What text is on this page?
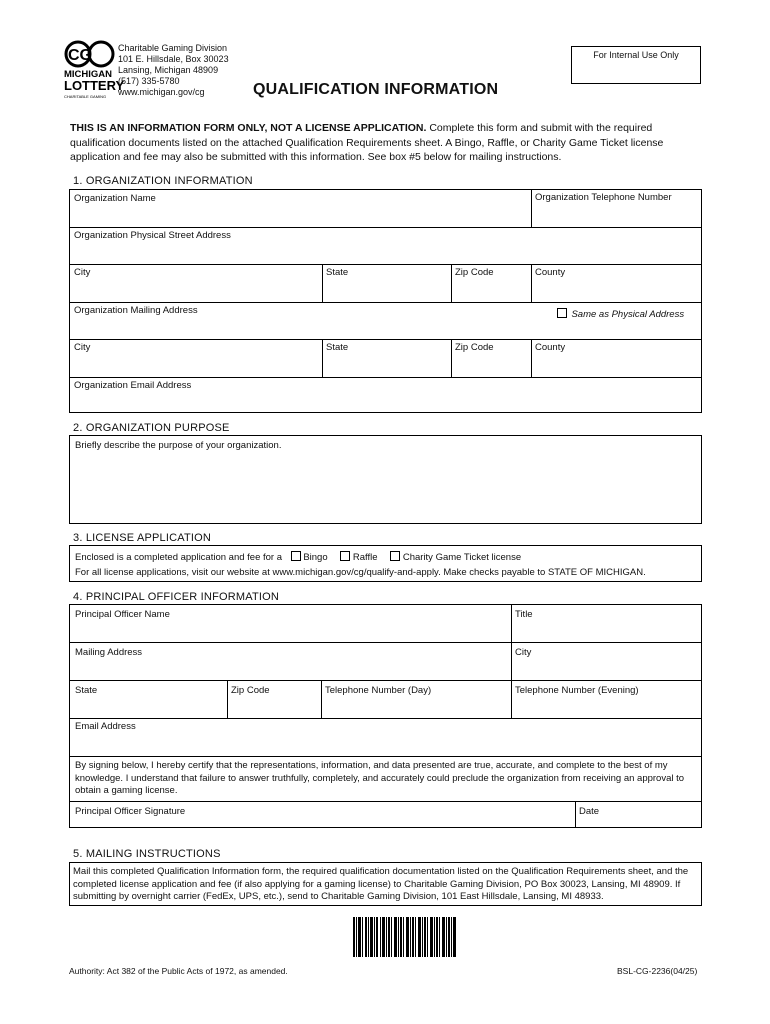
CG
MICHIGAN
LOTTERY
CHARITABLE GAMING
Charitable Gaming Division
101 E. Hillsdale, Box 30023
Lansing, Michigan 48909
(517) 335-5780
www.michigan.gov/cg
For Internal Use Only
QUALIFICATION INFORMATION
THIS IS AN INFORMATION FORM ONLY, NOT A LICENSE APPLICATION. Complete this form and submit with the required qualification documents listed on the attached Qualification Requirements sheet. A Bingo, Raffle, or Charity Game Ticket license application and fee may also be submitted with this information. See box #5 below for mailing instructions.
1. ORGANIZATION INFORMATION
Organization Name	Organization Telephone Number
Organization Physical Street Address
City	State	Zip Code	County
Organization Mailing Address	Same as Physical Address
City	State	Zip Code	County
Organization Email Address
2. ORGANIZATION PURPOSE
Briefly describe the purpose of your organization.
3. LICENSE APPLICATION
Enclosed is a completed application and fee for a Bingo	Raffle	Charity Game Ticket license
For all license applications, visit our website at www.michigan.gov/cg/qualify-and-apply. Make checks payable to STATE OF MICHIGAN.
4. PRINCIPAL OFFICER INFORMATION
Principal Officer Name	Title
Mailing Address	City
State	Zip Code	Telephone Number (Day)	Telephone Number (Evening)
Email Address
By signing below, I hereby certify that the representations, information, and data presented are true, accurate, and complete to the best of my knowledge. I understand that failure to answer truthfully, completely, and accurately could preclude the organization from receiving an approval to obtain a gaming license.
Principal Officer Signature	Date
5. MAILING INSTRUCTIONS
Mail this completed Qualification Information form, the required qualification documentation listed on the Qualification Requirements sheet, and the completed license application and fee (if also applying for a gaming license) to Charitable Gaming Division, PO Box 30023, Lansing, MI 48909. If submitting by overnight carrier (FedEx, UPS, etc.), send to Charitable Gaming Division, 101 East Hillsdale, Lansing, MI 48933.
Authority: Act 382 of the Public Acts of 1972, as amended.	BSL-CG-2236(04/25)
